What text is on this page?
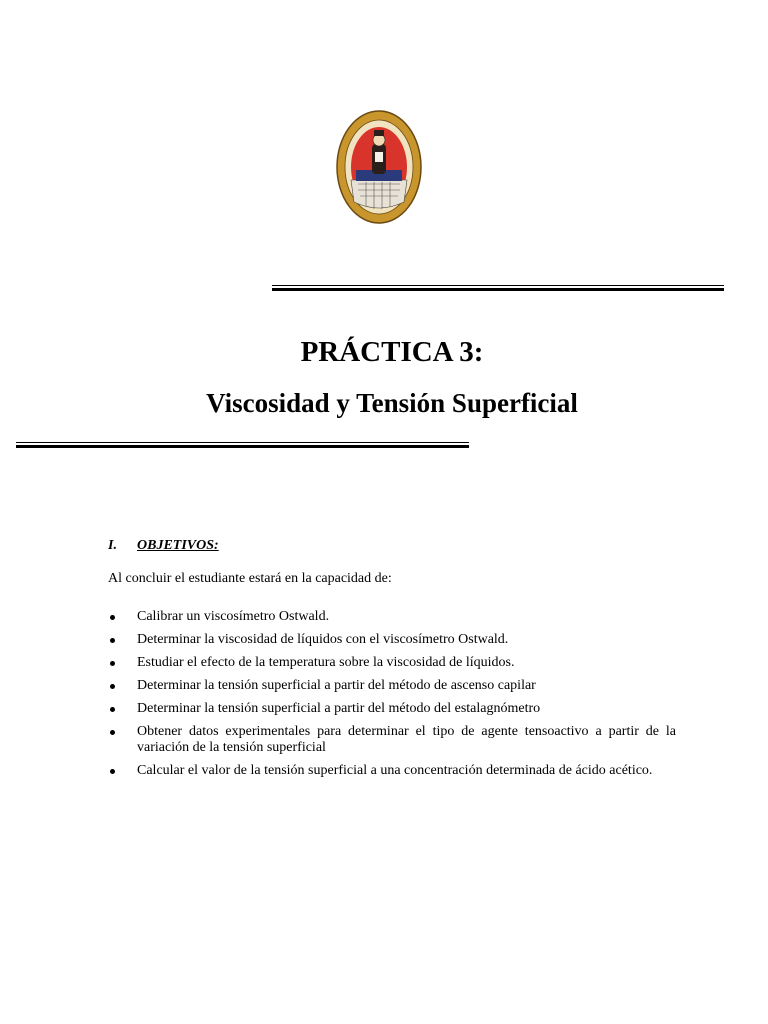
PRÁCTICA 3:
Viscosidad y Tensión Superficial
I. OBJETIVOS:
Al concluir el estudiante estará en la capacidad de:
Calibrar un viscosímetro Ostwald.
Determinar la viscosidad de líquidos con el viscosímetro Ostwald.
Estudiar el efecto de la temperatura sobre la viscosidad de líquidos.
Determinar la tensión superficial a partir del método de ascenso capilar
Determinar la tensión superficial a partir del método del estalagnómetro
Obtener datos experimentales para determinar el tipo de agente tensoactivo a partir de la variación de la tensión superficial
Calcular el valor de la tensión superficial a una concentración determinada de ácido acético.
